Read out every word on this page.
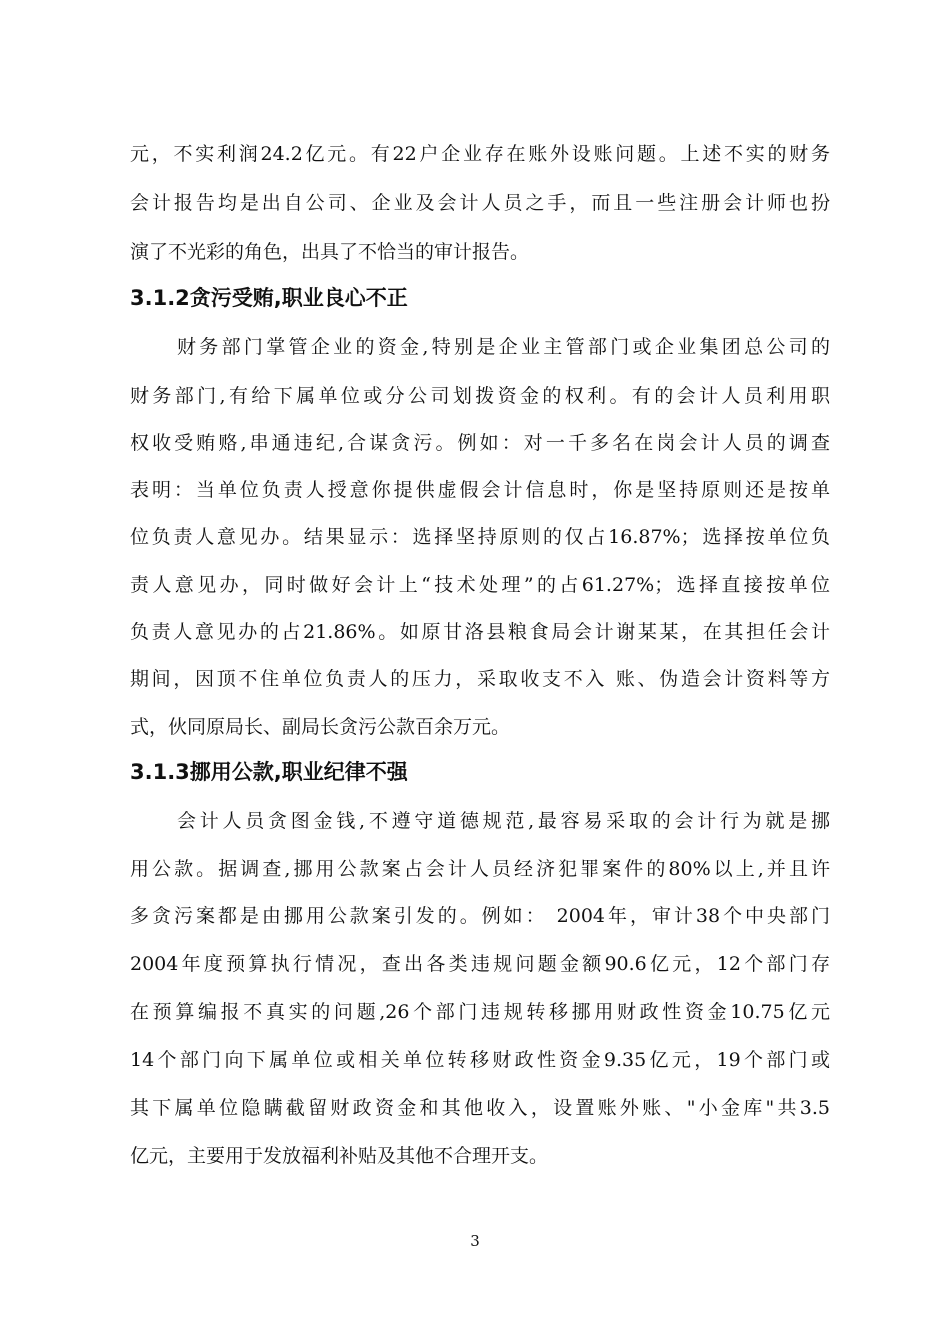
元，不实利润24.2亿元。有22户企业存在账外设账问题。上述不实的财务
会计报告均是出自公司、企业及会计人员之手，而且一些注册会计师也扮
演了不光彩的角色，出具了不恰当的审计报告。
3.1.2贪污受贿,职业良心不正
财务部门掌管企业的资金,特别是企业主管部门或企业集团总公司的
财务部门,有给下属单位或分公司划拨资金的权利。有的会计人员利用职
权收受贿赂,串通违纪,合谋贪污。例如：对一千多名在岗会计人员的调查
表明：当单位负责人授意你提供虚假会计信息时，你是坚持原则还是按单
位负责人意见办。结果显示：选择坚持原则的仅占16.87%；选择按单位负
责人意见办，同时做好会计上“技术处理”的占61.27%；选择直接按单位
负责人意见办的占21.86%。如原甘洛县粮食局会计谢某某，在其担任会计
期间，因顶不住单位负责人的压力，采取收支不入 账、伪造会计资料等方
式，伙同原局长、副局长贪污公款百余万元。
3.1.3挪用公款,职业纪律不强
会计人员贪图金钱,不遵守道德规范,最容易采取的会计行为就是挪
用公款。据调查,挪用公款案占会计人员经济犯罪案件的80%以上,并且许
多贪污案都是由挪用公款案引发的。例如： 2004年，审计38个中央部门
2004年度预算执行情况，查出各类违规问题金额90.6亿元，12个部门存
在预算编报不真实的问题,26个部门违规转移挪用财政性资金10.75亿元
14个部门向下属单位或相关单位转移财政性资金9.35亿元，19个部门或
其下属单位隐瞒截留财政资金和其他收入，设置账外账、"小金库"共3.5
亿元，主要用于发放福利补贴及其他不合理开支。
3
